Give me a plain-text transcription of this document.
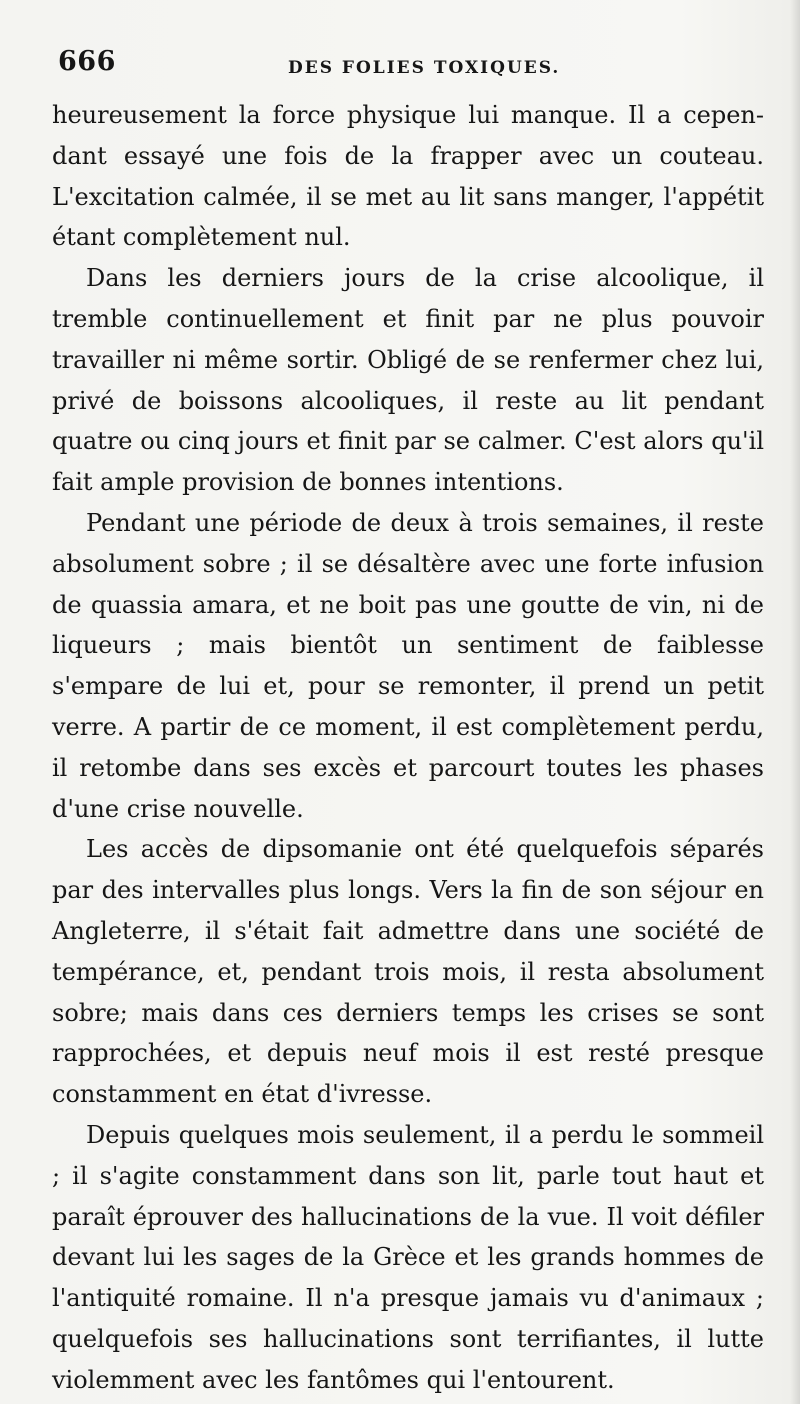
666	DES FOLIES TOXIQUES.

heureusement la force physique lui manque. Il a cependant essayé une fois de la frapper avec un couteau. L'excitation calmée, il se met au lit sans manger, l'appétit étant complètement nul.

Dans les derniers jours de la crise alcoolique, il tremble continuellement et finit par ne plus pouvoir travailler ni même sortir. Obligé de se renfermer chez lui, privé de boissons alcooliques, il reste au lit pendant quatre ou cinq jours et finit par se calmer. C'est alors qu'il fait ample provision de bonnes intentions.

Pendant une période de deux à trois semaines, il reste absolument sobre ; il se désaltère avec une forte infusion de quassia amara, et ne boit pas une goutte de vin, ni de liqueurs ; mais bientôt un sentiment de faiblesse s'empare de lui et, pour se remonter, il prend un petit verre. A partir de ce moment, il est complètement perdu, il retombe dans ses excès et parcourt toutes les phases d'une crise nouvelle.

Les accès de dipsomanie ont été quelquefois séparés par des intervalles plus longs. Vers la fin de son séjour en Angleterre, il s'était fait admettre dans une société de tempérance, et, pendant trois mois, il resta absolument sobre; mais dans ces derniers temps les crises se sont rapprochées, et depuis neuf mois il est resté presque constamment en état d'ivresse.

Depuis quelques mois seulement, il a perdu le sommeil ; il s'agite constamment dans son lit, parle tout haut et paraît éprouver des hallucinations de la vue. Il voit défiler devant lui les sages de la Grèce et les grands hommes de l'antiquité romaine. Il n'a presque jamais vu d'animaux ; quelquefois ses hallucinations sont terrifiantes, il lutte violemment avec les fantômes qui l'entourent.
